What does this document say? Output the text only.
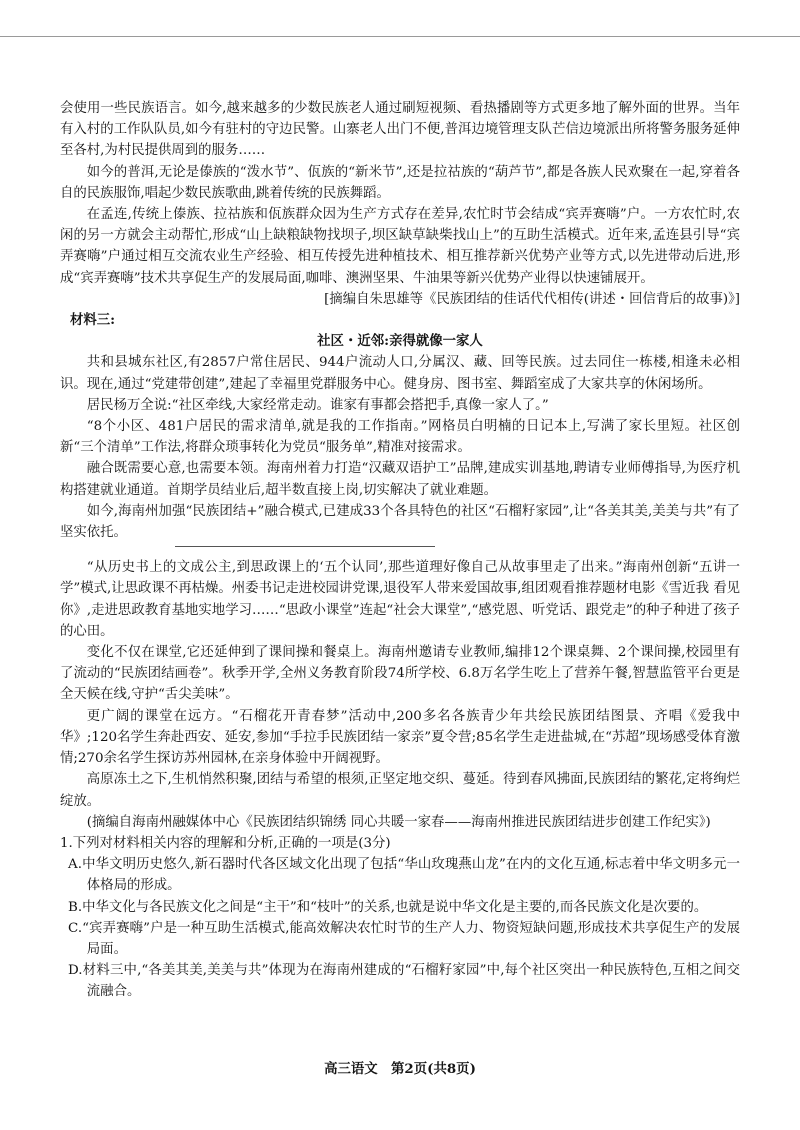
会使用一些民族语言。如今,越来越多的少数民族老人通过刷短视频、看热播剧等方式更多地了解外面的世界。当年有入村的工作队队员,如今有驻村的守边民警。山寨老人出门不便,普洱边境管理支队芒信边境派出所将警务服务延伸至各村,为村民提供周到的服务……

如今的普洱,无论是傣族的“泼水节”、佤族的“新米节”,还是拉祜族的“葫芦节”,都是各族人民欢聚在一起,穿着各自的民族服饰,唱起少数民族歌曲,跳着传统的民族舞蹈。

在孟连,传统上傣族、拉祜族和佤族群众因为生产方式存在差异,农忙时节会结成“宾弄赛嗨”户。一方农忙时,农闲的另一方就会主动帮忙,形成“山上缺粮缺物找坝子,坝区缺草缺柴找山上”的互助生活模式。近年来,孟连县引导“宾弄赛嗨”户通过相互交流农业生产经验、相互传授先进种植技术、相互推荐新兴优势产业等方式,以先进带动后进,形成“宾弄赛嗨”技术共享促生产的发展局面,咖啡、澳洲坚果、牛油果等新兴优势产业得以快速铺展开。

[摘编自朱思雄等《民族团结的佳话代代相传(讲述・回信背后的故事)》]

材料三:

社区・近邻:亲得就像一家人

共和县城东社区,有2857户常住居民、944户流动人口,分属汉、藏、回等民族。过去同住一栋楼,相逢未必相识。现在,通过“党建带创建”,建起了幸福里党群服务中心。健身房、图书室、舞蹈室成了大家共享的休闲场所。

居民杨万全说:“社区牵线,大家经常走动。谁家有事都会搭把手,真像一家人了。”

“8个小区、481户居民的需求清单,就是我的工作指南。”网格员白明楠的日记本上,写满了家长里短。社区创新“三个清单”工作法,将群众琐事转化为党员“服务单”,精准对接需求。

融合既需要心意,也需要本领。海南州着力打造“汉藏双语护工”品牌,建成实训基地,聘请专业师傅指导,为医疗机构搭建就业通道。首期学员结业后,超半数直接上岗,切实解决了就业难题。

如今,海南州加强“民族团结+”融合模式,已建成33个各具特色的社区“石榴籽家园”,让“各美其美,美美与共”有了坚实依托。

“从历史书上的文成公主,到思政课上的‘五个认同’,那些道理好像自己从故事里走了出来。”海南州创新“五讲一学”模式,让思政课不再枯燥。州委书记走进校园讲党课,退役军人带来爱国故事,组团观看推荐题材电影《雪近我 看见你》,走进思政教育基地实地学习……“思政小课堂”连起“社会大课堂”,“感党恩、听党话、跟党走”的种子种进了孩子的心田。

变化不仅在课堂,它还延伸到了课间操和餐桌上。海南州邀请专业教师,编排12个课桌舞、2个课间操,校园里有了流动的“民族团结画卷”。秋季开学,全州义务教育阶段74所学校、6.8万名学生吃上了营养午餐,智慧监管平台更是全天候在线,守护“舌尖美味”。

更广阔的课堂在远方。“石榴花开青春梦”活动中,200多名各族青少年共绘民族团结图景、齐唱《爱我中华》;120名学生奔赴西安、延安,参加“手拉手民族团结一家亲”夏令营;85名学生走进盐城,在“苏超”现场感受体育激情;270余名学生探访苏州园林,在亲身体验中开阔视野。

高原冻土之下,生机悄然积聚,团结与希望的根须,正坚定地交织、蔓延。待到春风拂面,民族团结的繁花,定将绚烂绽放。

(摘编自海南州融媒体中心《民族团结织锦绣 同心共暖一家春——海南州推进民族团结进步创建工作纪实》)

1.下列对材料相关内容的理解和分析,正确的一项是(3分)

A.中华文明历史悠久,新石器时代各区域文化出现了包括“华山玫瑰燕山龙”在内的文化互通,标志着中华文明多元一体格局的形成。

B.中华文化与各民族文化之间是“主干”和“枝叶”的关系,也就是说中华文化是主要的,而各民族文化是次要的。

C.“宾弄赛嗨”户是一种互助生活模式,能高效解决农忙时节的生产人力、物资短缺问题,形成技术共享促生产的发展局面。

D.材料三中,“各美其美,美美与共”体现为在海南州建成的“石榴籽家园”中,每个社区突出一种民族特色,互相之间交流融合。

高三语文　第2页(共8页)
